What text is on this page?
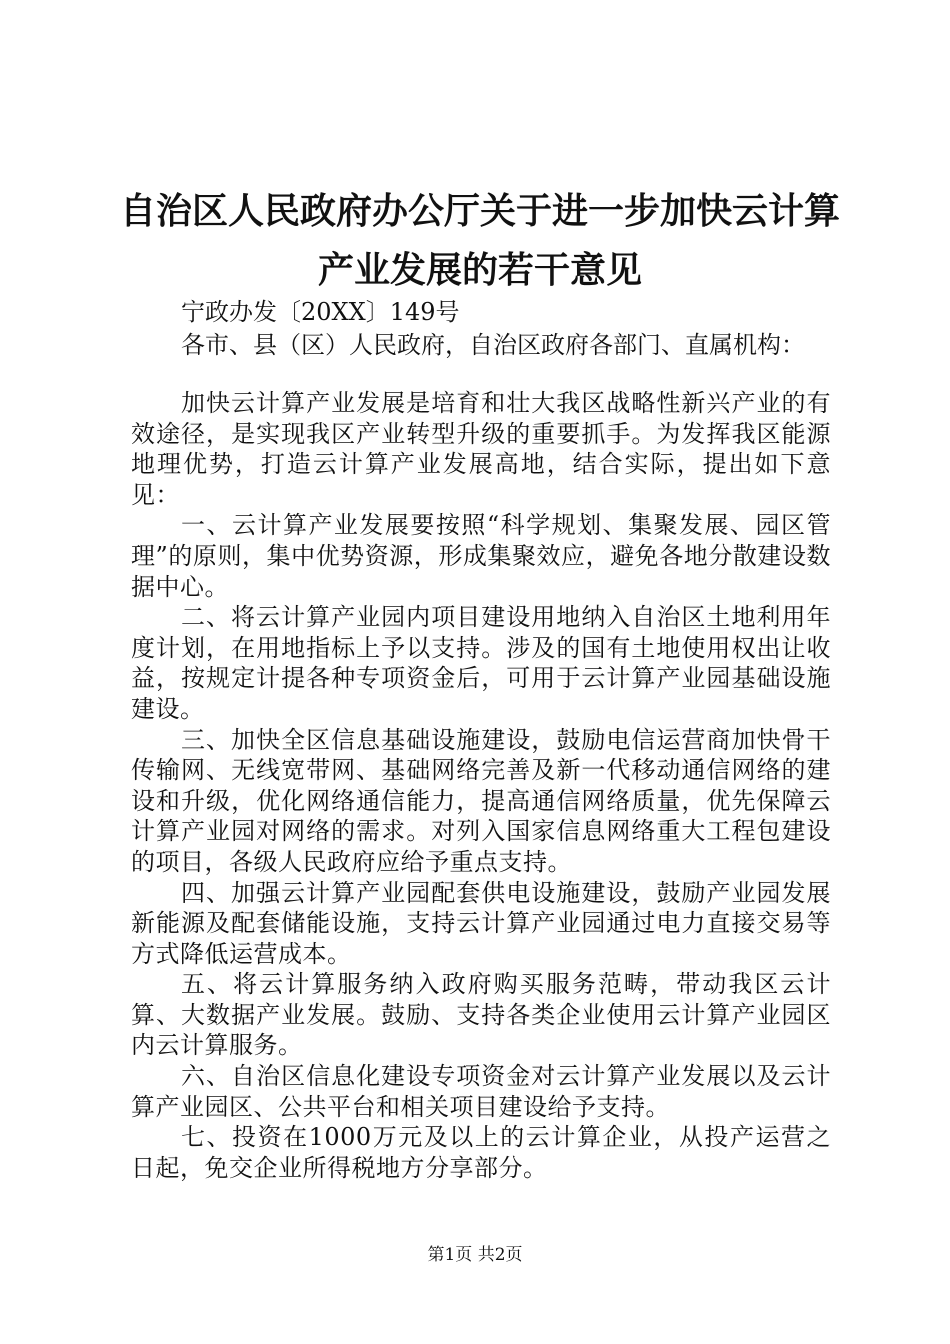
自治区人民政府办公厅关于进一步加快云计算
产业发展的若干意见
宁政办发〔20XX〕149号
各市、县（区）人民政府，自治区政府各部门、直属机构：

加快云计算产业发展是培育和壮大我区战略性新兴产业的有效途径，是实现我区产业转型升级的重要抓手。为发挥我区能源地理优势，打造云计算产业发展高地，结合实际，提出如下意见：

一、云计算产业发展要按照“科学规划、集聚发展、园区管理”的原则，集中优势资源，形成集聚效应，避免各地分散建设数据中心。

二、将云计算产业园内项目建设用地纳入自治区土地利用年度计划，在用地指标上予以支持。涉及的国有土地使用权出让收益，按规定计提各种专项资金后，可用于云计算产业园基础设施建设。

三、加快全区信息基础设施建设，鼓励电信运营商加快骨干传输网、无线宽带网、基础网络完善及新一代移动通信网络的建设和升级，优化网络通信能力，提高通信网络质量，优先保障云计算产业园对网络的需求。对列入国家信息网络重大工程包建设的项目，各级人民政府应给予重点支持。

四、加强云计算产业园配套供电设施建设，鼓励产业园发展新能源及配套储能设施，支持云计算产业园通过电力直接交易等方式降低运营成本。

五、将云计算服务纳入政府购买服务范畴，带动我区云计算、大数据产业发展。鼓励、支持各类企业使用云计算产业园区内云计算服务。

六、自治区信息化建设专项资金对云计算产业发展以及云计算产业园区、公共平台和相关项目建设给予支持。

七、投资在1000万元及以上的云计算企业，从投产运营之日起，免交企业所得税地方分享部分。

第1页 共2页
